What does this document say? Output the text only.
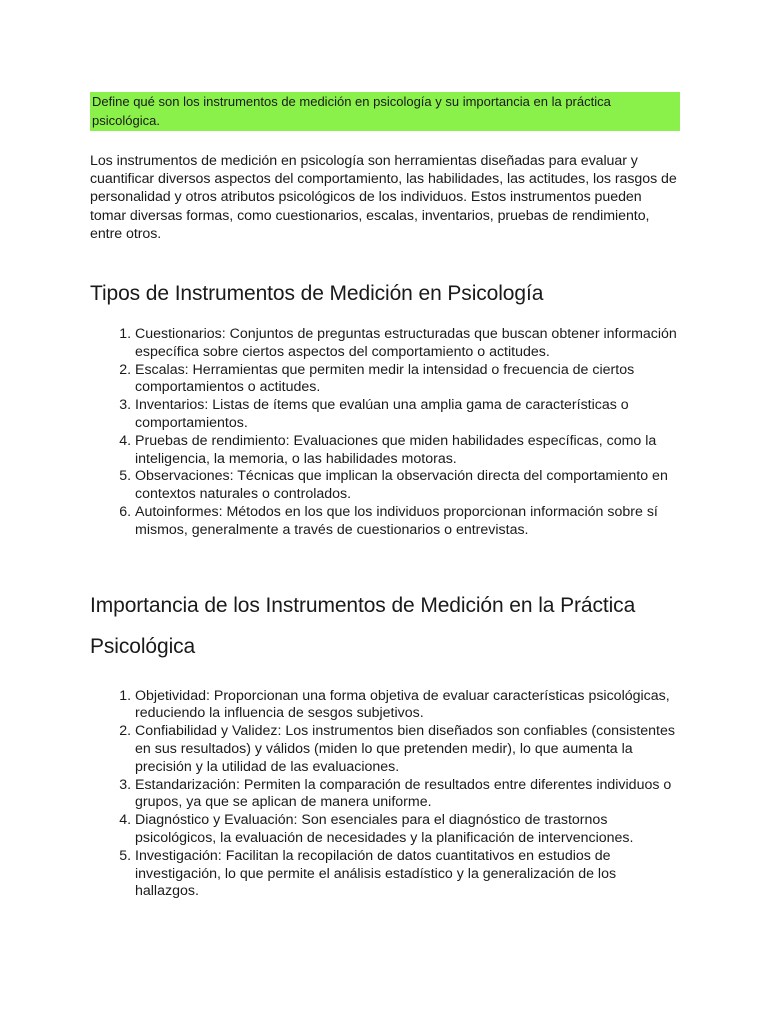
Define qué son los instrumentos de medición en psicología y su importancia en la práctica psicológica.

Los instrumentos de medición en psicología son herramientas diseñadas para evaluar y cuantificar diversos aspectos del comportamiento, las habilidades, las actitudes, los rasgos de personalidad y otros atributos psicológicos de los individuos. Estos instrumentos pueden tomar diversas formas, como cuestionarios, escalas, inventarios, pruebas de rendimiento, entre otros.

Tipos de Instrumentos de Medición en Psicología
1. Cuestionarios: Conjuntos de preguntas estructuradas que buscan obtener información específica sobre ciertos aspectos del comportamiento o actitudes.
2. Escalas: Herramientas que permiten medir la intensidad o frecuencia de ciertos comportamientos o actitudes.
3. Inventarios: Listas de ítems que evalúan una amplia gama de características o comportamientos.
4. Pruebas de rendimiento: Evaluaciones que miden habilidades específicas, como la inteligencia, la memoria, o las habilidades motoras.
5. Observaciones: Técnicas que implican la observación directa del comportamiento en contextos naturales o controlados.
6. Autoinformes: Métodos en los que los individuos proporcionan información sobre sí mismos, generalmente a través de cuestionarios o entrevistas.
Importancia de los Instrumentos de Medición en la Práctica Psicológica
1. Objetividad: Proporcionan una forma objetiva de evaluar características psicológicas, reduciendo la influencia de sesgos subjetivos.
2. Confiabilidad y Validez: Los instrumentos bien diseñados son confiables (consistentes en sus resultados) y válidos (miden lo que pretenden medir), lo que aumenta la precisión y la utilidad de las evaluaciones.
3. Estandarización: Permiten la comparación de resultados entre diferentes individuos o grupos, ya que se aplican de manera uniforme.
4. Diagnóstico y Evaluación: Son esenciales para el diagnóstico de trastornos psicológicos, la evaluación de necesidades y la planificación de intervenciones.
5. Investigación: Facilitan la recopilación de datos cuantitativos en estudios de investigación, lo que permite el análisis estadístico y la generalización de los hallazgos.
